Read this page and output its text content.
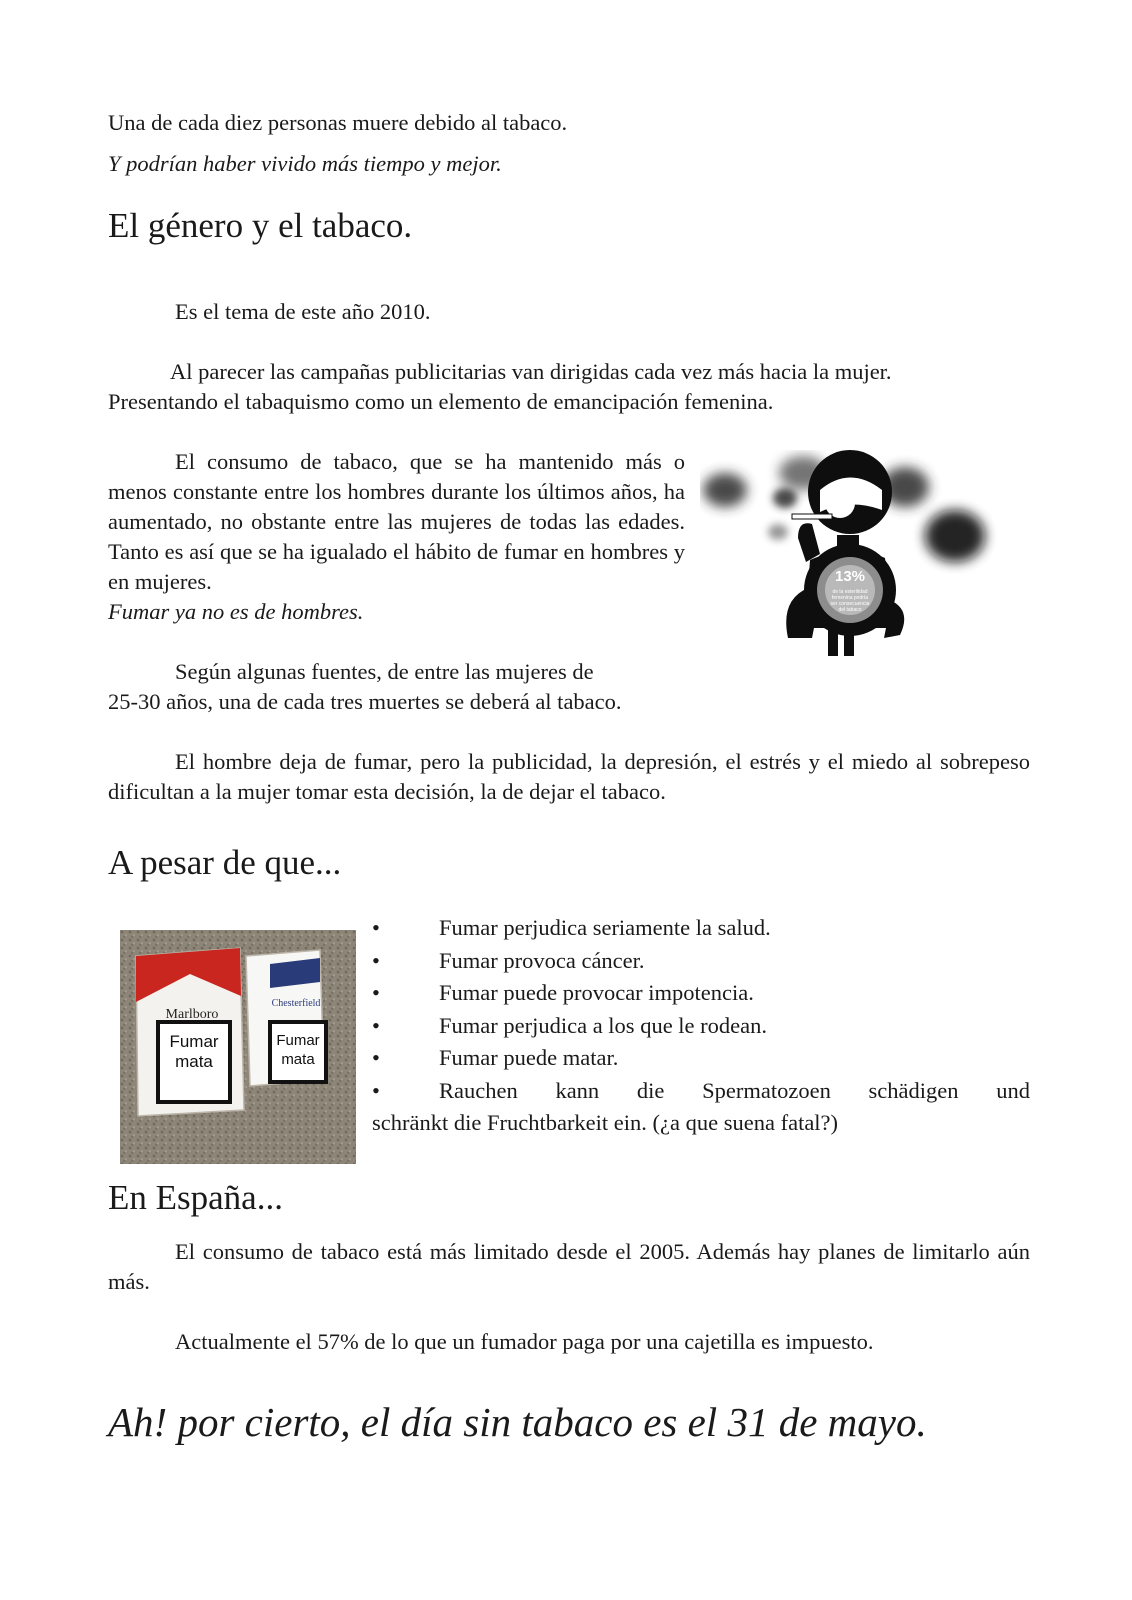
Una de cada diez personas muere debido al tabaco.

Y podrían haber vivido más tiempo y mejor.

El género y el tabaco.

Es el tema de este año 2010.

Al parecer las campañas publicitarias van dirigidas cada vez más hacia la mujer.

Presentando el tabaquismo como un elemento de emancipación femenina.

El consumo de tabaco, que se ha mantenido más o menos constante entre los hombres durante los últimos años, ha aumentado, no obstante entre las mujeres de todas las edades. Tanto es así que se ha igualado el hábito de fumar en hombres y en mujeres.

Fumar ya no es de hombres.

Según algunas fuentes, de entre las mujeres de

25-30 años, una de cada tres muertes se deberá al tabaco.

El hombre deja de fumar, pero la publicidad, la depresión, el estrés y el miedo al sobrepeso dificultan a la mujer tomar esta decisión, la de dejar el tabaco.

13%
de la esterilidad
femenina podría
ser consecuencia
del tabaco
A pesar de que...
Marlboro
Fumar
mata
Chesterfield
Fumar
mata
•	Fumar perjudica seriamente la salud.
•	Fumar provoca cáncer.
•	Fumar puede provocar impotencia.
•	Fumar perjudica a los que le rodean.
•	Fumar puede matar.
•	Rauchen kann die Spermatozoen schädigen und
schränkt die Fruchtbarkeit ein. (¿a que suena fatal?)
En España...

El consumo de tabaco está más limitado desde el 2005. Además hay planes de limitarlo aún más.

Actualmente el 57% de lo que un fumador paga por una cajetilla es impuesto.

Ah! por cierto, el día sin tabaco es el 31 de mayo.
